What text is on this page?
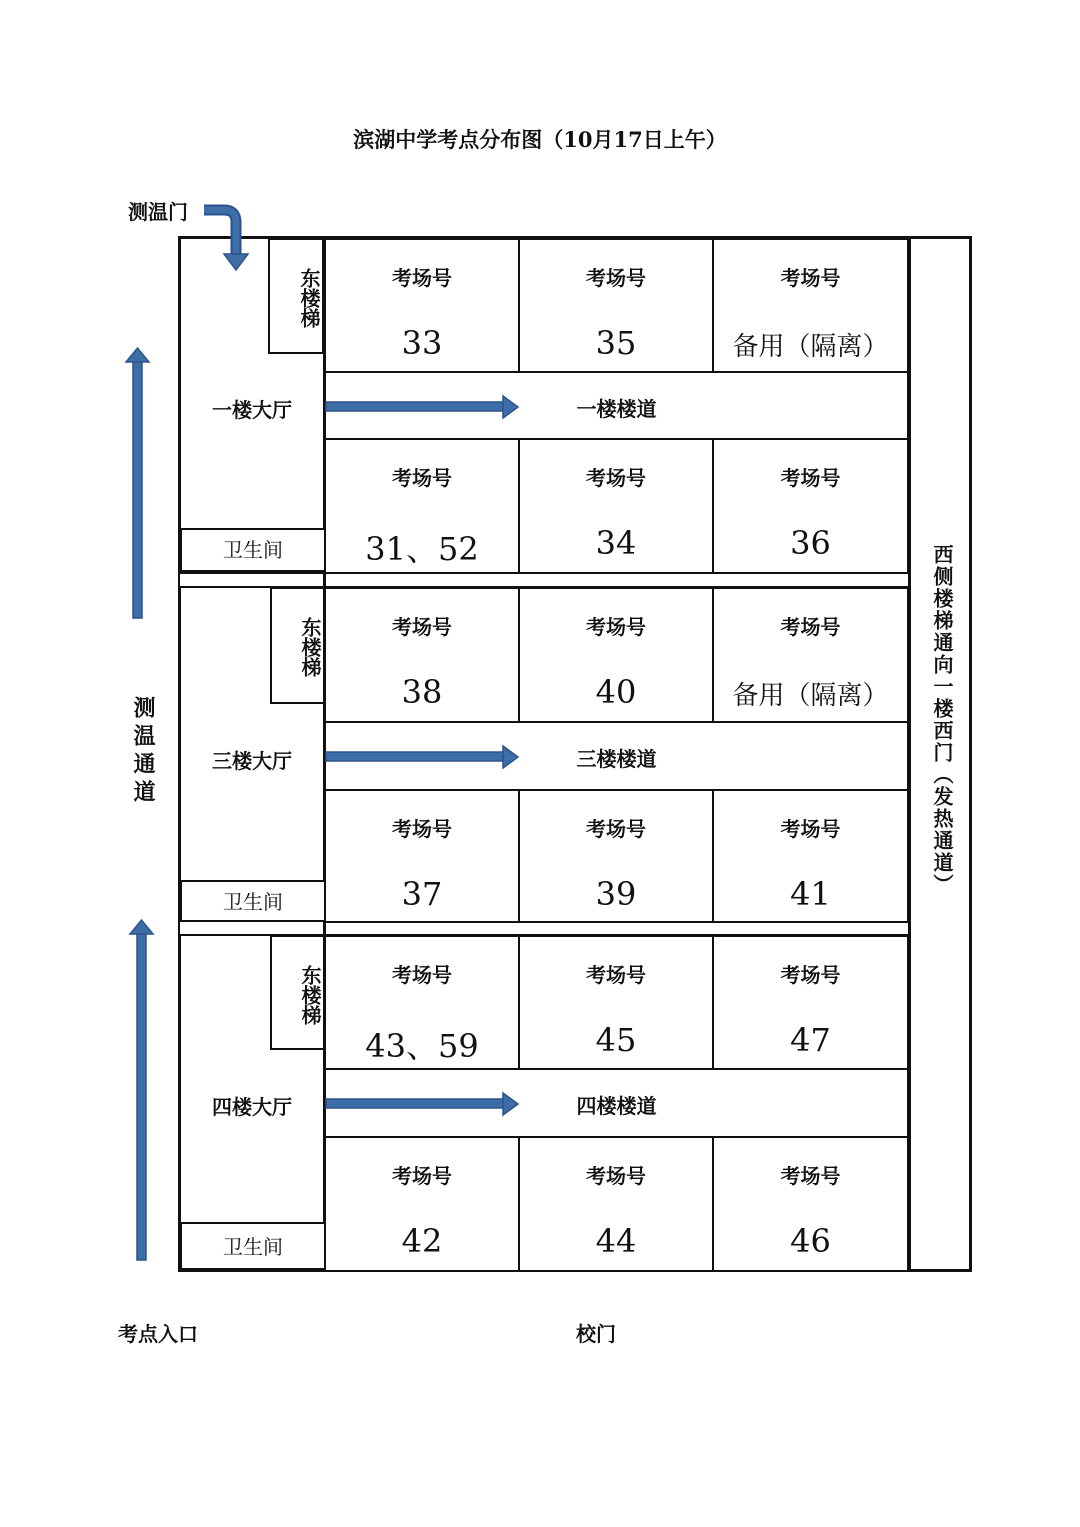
滨湖中学考点分布图（10月17日上午）
测温门
测温通道
考点入口	校门
西侧楼梯通向一楼西门（发热通道）
东楼梯
一楼大厅
卫生间
考场号
33
考场号
35
考场号
备用（隔离）
一楼楼道
考场号
31、52
考场号
34
考场号
36
东楼梯
三楼大厅
卫生间
考场号
38
考场号
40
考场号
备用（隔离）
三楼楼道
考场号
37
考场号
39
考场号
41
东楼梯
四楼大厅
卫生间
考场号
43、59
考场号
45
考场号
47
四楼楼道
考场号
42
考场号
44
考场号
46
